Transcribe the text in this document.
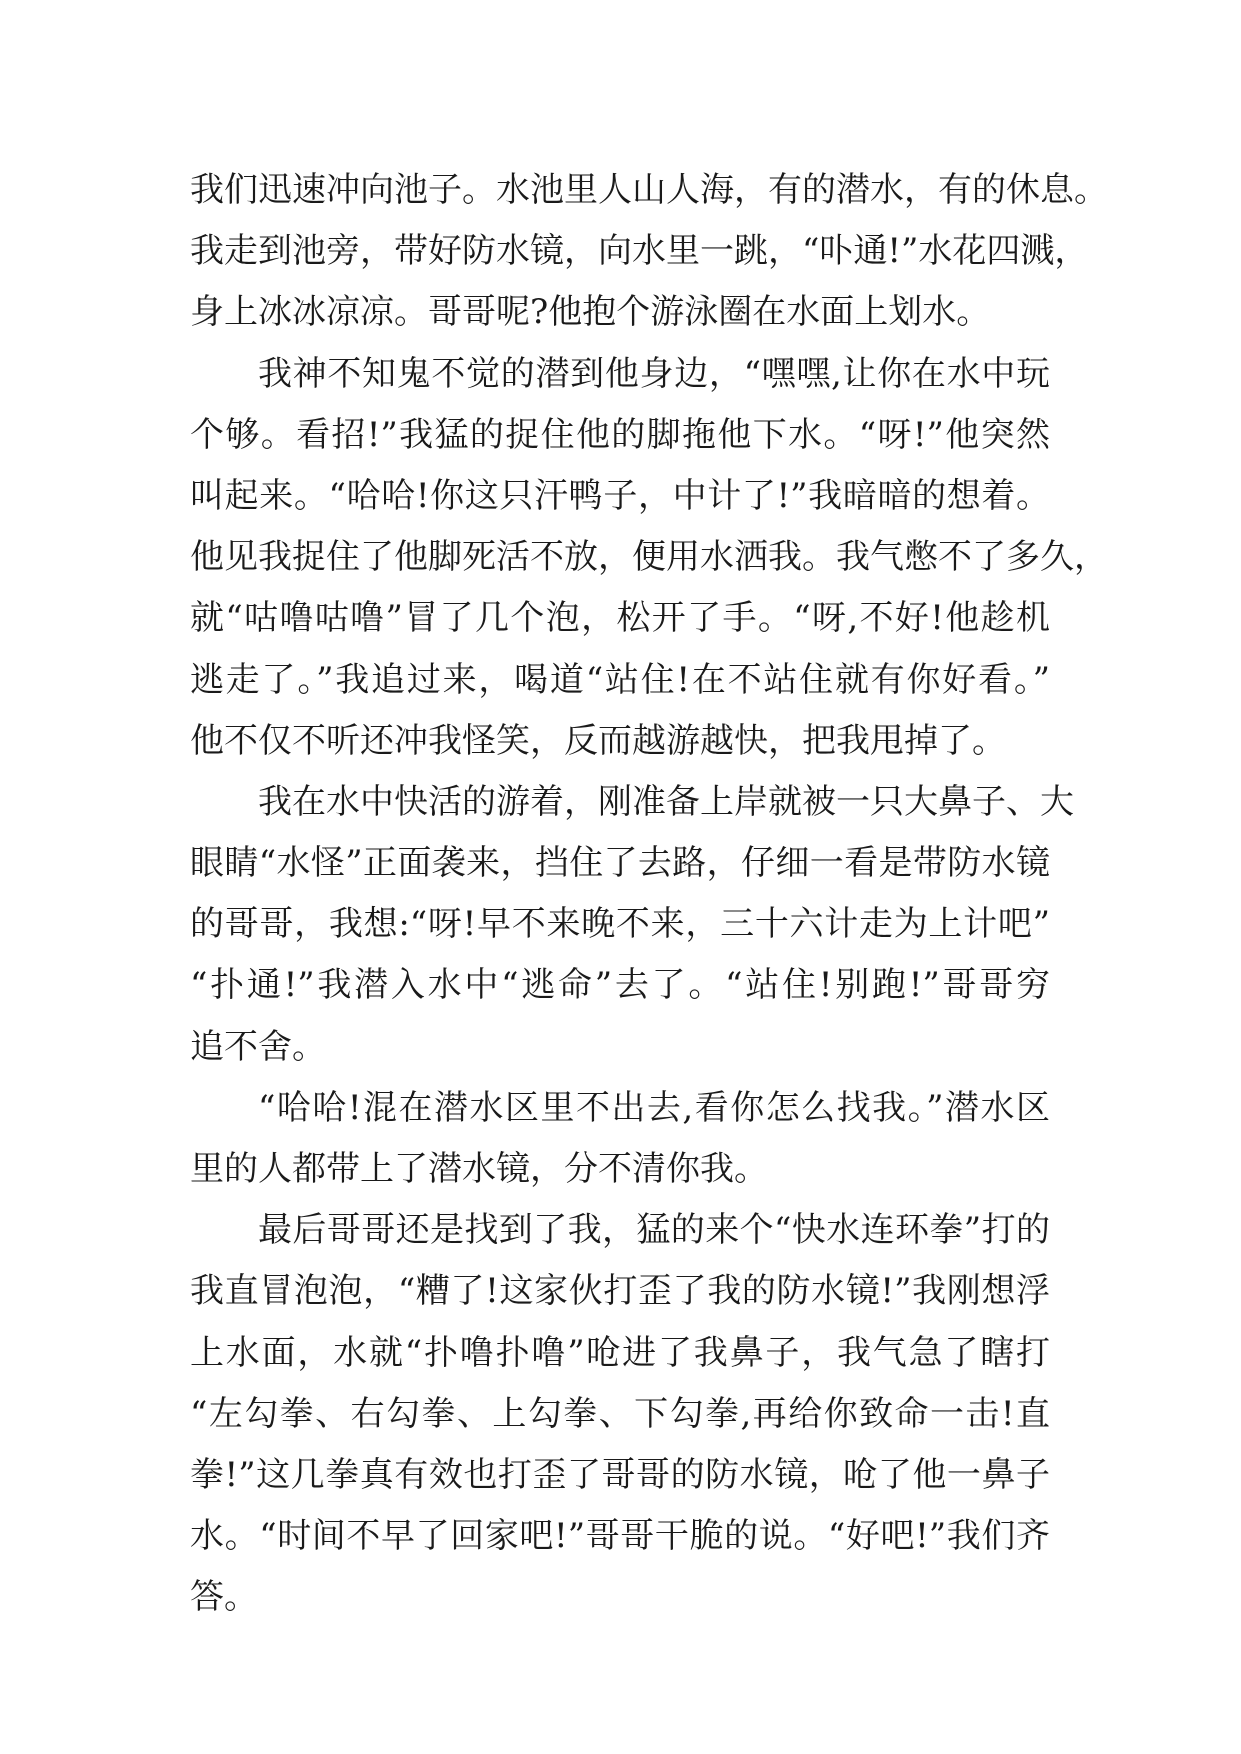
我们迅速冲向池子。水池里人山人海，有的潜水，有的休息。
我走到池旁，带好防水镜，向水里一跳，“卟通!”水花四溅，
身上冰冰凉凉。哥哥呢?他抱个游泳圈在水面上划水。
我神不知鬼不觉的潜到他身边，“嘿嘿,让你在水中玩
个够。看招!”我猛的捉住他的脚拖他下水。“呀!”他突然
叫起来。“哈哈!你这只汗鸭子，中计了!”我暗暗的想着。
他见我捉住了他脚死活不放，便用水洒我。我气憋不了多久，
就“咕噜咕噜”冒了几个泡，松开了手。“呀,不好!他趁机
逃走了。”我追过来，喝道“站住!在不站住就有你好看。”
他不仅不听还冲我怪笑，反而越游越快，把我甩掉了。
我在水中快活的游着，刚准备上岸就被一只大鼻子、大
眼睛“水怪”正面袭来，挡住了去路，仔细一看是带防水镜
的哥哥，我想:“呀!早不来晚不来，三十六计走为上计吧”
“扑通!”我潜入水中“逃命”去了。“站住!别跑!”哥哥穷
追不舍。
“哈哈!混在潜水区里不出去,看你怎么找我。”潜水区
里的人都带上了潜水镜，分不清你我。
最后哥哥还是找到了我，猛的来个“快水连环拳”打的
我直冒泡泡，“糟了!这家伙打歪了我的防水镜!”我刚想浮
上水面，水就“扑噜扑噜”呛进了我鼻子，我气急了瞎打
“左勾拳、右勾拳、上勾拳、下勾拳,再给你致命一击!直
拳!”这几拳真有效也打歪了哥哥的防水镜，呛了他一鼻子
水。“时间不早了回家吧!”哥哥干脆的说。“好吧!”我们齐
答。
